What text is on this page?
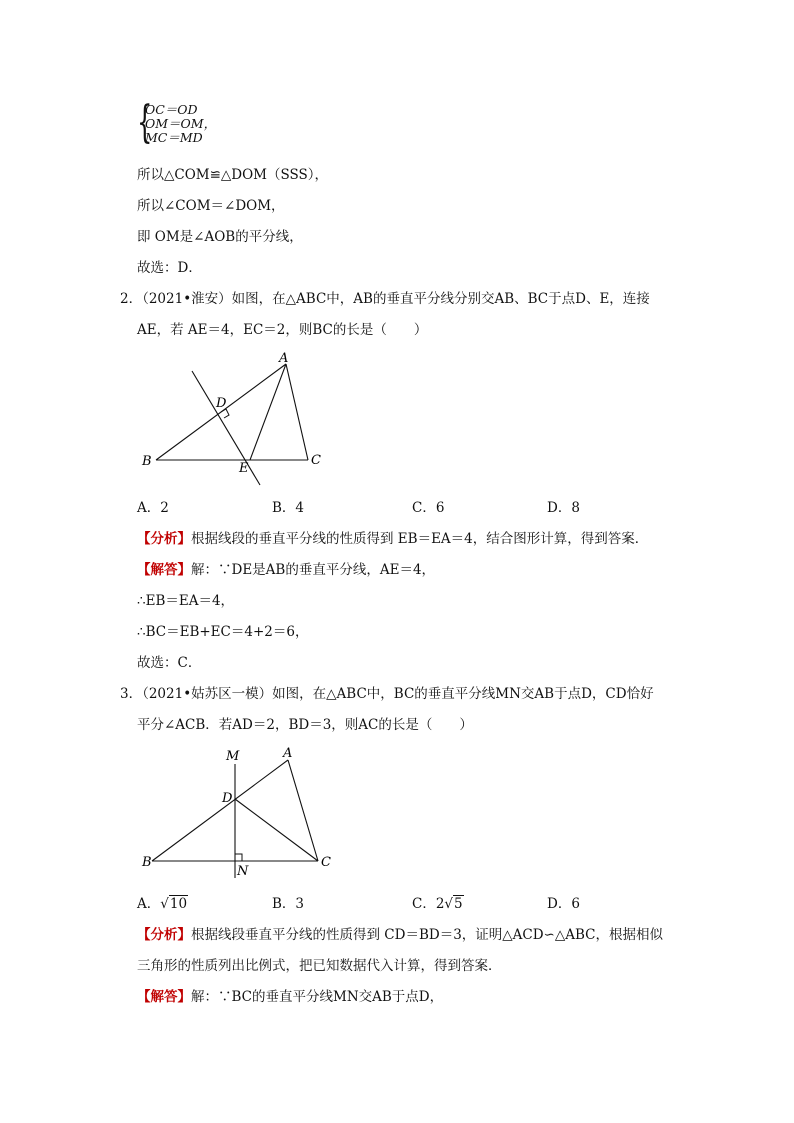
{
OC＝OD
OM＝OM，
MC＝MD
所以△COM≌△DOM（SSS），
所以∠COM＝∠DOM，
即 OM是∠AOB的平分线，
故选：D．
2．（2021•淮安）如图，在△ABC中，AB的垂直平分线分别交AB、BC于点D、E，连接
AE，若 AE＝4，EC＝2，则BC的长是（　　）
A
B	C
D
E
A．2	B．4	C．6	D．8
【分析】根据线段的垂直平分线的性质得到 EB＝EA＝4，结合图形计算，得到答案．
【解答】解：∵DE是AB的垂直平分线，AE＝4，
∴EB＝EA＝4，
∴BC＝EB+EC＝4+2＝6，
故选：C．
3．（2021•姑苏区一模）如图，在△ABC中，BC的垂直平分线MN交AB于点D，CD恰好
平分∠ACB．若AD＝2，BD＝3，则AC的长是（　　）
M	A
D
B
N
C
A．√10	B．3	C．2√5	D．6
【分析】根据线段垂直平分线的性质得到 CD＝BD＝3，证明△ACD∽△ABC，根据相似
三角形的性质列出比例式，把已知数据代入计算，得到答案．
【解答】解：∵BC的垂直平分线MN交AB于点D，
